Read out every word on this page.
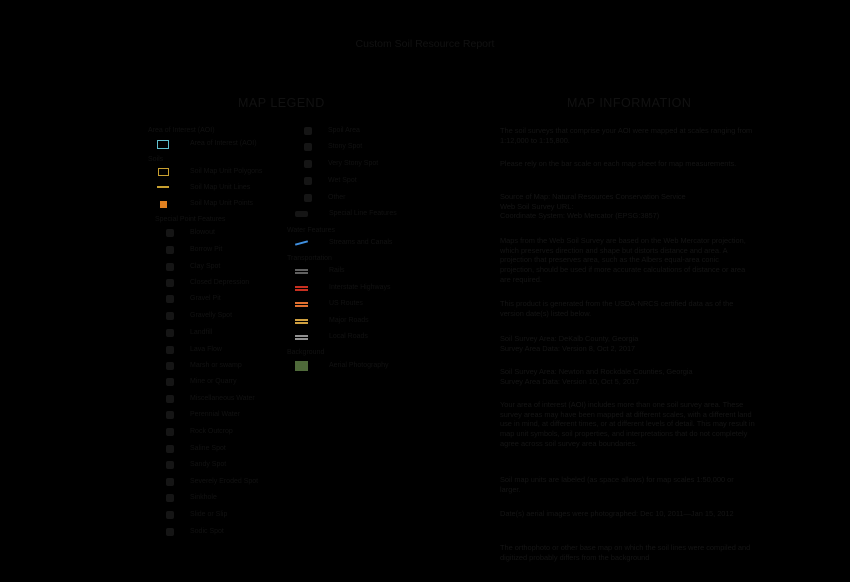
Custom Soil Resource Report
MAP LEGEND	MAP INFORMATION
Area of Interest (AOI)
Area of Interest (AOI)
Soils
Soil Map Unit Polygons
Soil Map Unit Lines
Soil Map Unit Points
Special Point Features
Blowout
Borrow Pit
Clay Spot
Closed Depression
Gravel Pit
Gravelly Spot
Landfill
Lava Flow
Marsh or swamp
Mine or Quarry
Miscellaneous Water
Perennial Water
Rock Outcrop
Saline Spot
Sandy Spot
Severely Eroded Spot
Sinkhole
Slide or Slip
Sodic Spot
Spoil Area
Stony Spot
Very Stony Spot
Wet Spot
Other
Special Line Features
Water Features
Streams and Canals
Transportation
Rails
Interstate Highways
US Routes
Major Roads
Local Roads
Background
Aerial Photography
The soil surveys that comprise your AOI were mapped at scales ranging from 1:12,000 to 1:15,800.
Please rely on the bar scale on each map sheet for map measurements.
Source of Map: Natural Resources Conservation Service
Web Soil Survey URL:
Coordinate System: Web Mercator (EPSG:3857)
Maps from the Web Soil Survey are based on the Web Mercator projection, which preserves direction and shape but distorts distance and area. A projection that preserves area, such as the Albers equal-area conic projection, should be used if more accurate calculations of distance or area are required.
This product is generated from the USDA-NRCS certified data as of the version date(s) listed below.
Soil Survey Area: DeKalb County, Georgia
Survey Area Data: Version 8, Oct 2, 2017
Soil Survey Area: Newton and Rockdale Counties, Georgia
Survey Area Data: Version 10, Oct 5, 2017
Your area of interest (AOI) includes more than one soil survey area. These survey areas may have been mapped at different scales, with a different land use in mind, at different times, or at different levels of detail. This may result in map unit symbols, soil properties, and interpretations that do not completely agree across soil survey area boundaries.
Soil map units are labeled (as space allows) for map scales 1:50,000 or larger.
Date(s) aerial images were photographed: Dec 10, 2011—Jan 15, 2012
The orthophoto or other base map on which the soil lines were compiled and digitized probably differs from the background
